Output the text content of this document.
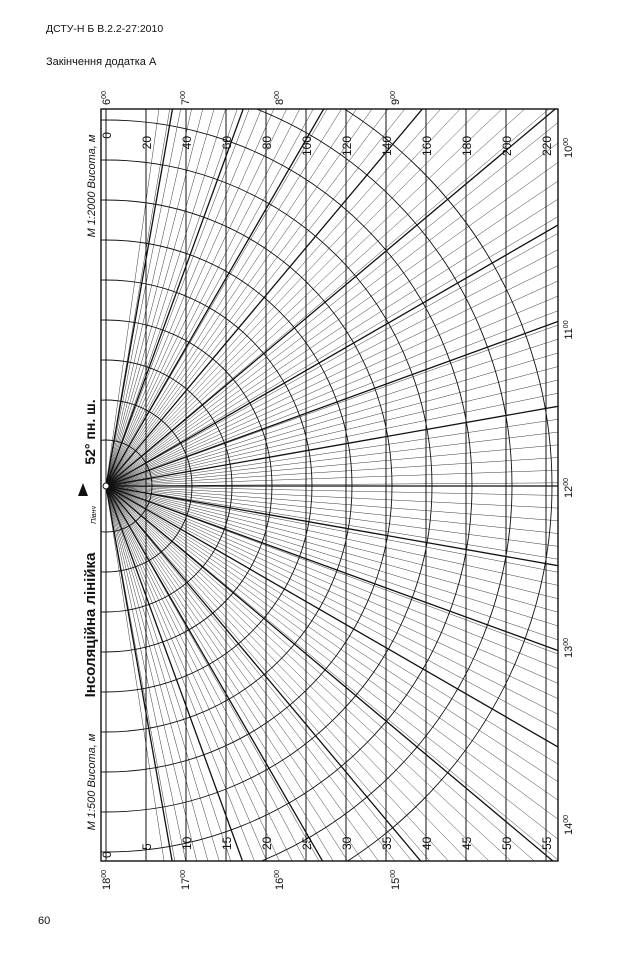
ДСТУ-Н Б В.2.2-27:2010
Закінчення додатка А
0
0
5
20
10
40
15
60
20
80
25
100
30
120
35
140
40
160
45
180
50
200
55
220
$6^{00}$
$7^{00}$
$8^{00}$
$9^{00}$
$10^{00}$
$11^{00}$
$12^{00}$
$13^{00}$
$14^{00}$
$15^{00}$
$16^{00}$
$17^{00}$
$18^{00}$
Півнч
52° пн. ш.
Інсоляційна лінійка
М 1:500 Висота, м
М 1:2000 Висота, м
60
